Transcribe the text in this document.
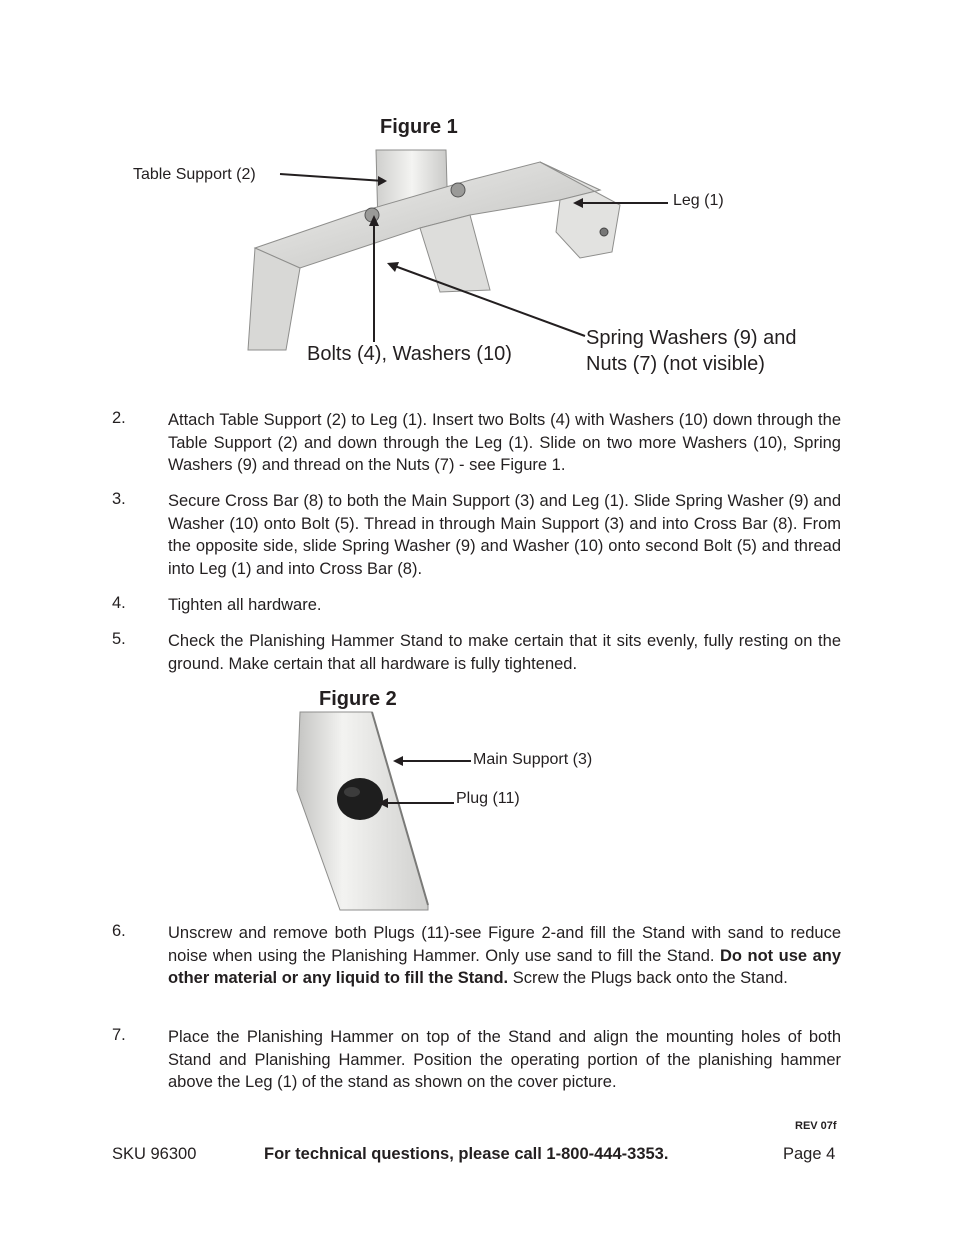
Figure 1
Table Support (2)
Leg (1)
Bolts (4), Washers (10)
Spring Washers (9) and
Nuts (7) (not visible)
2.	Attach Table Support (2) to Leg (1). Insert two Bolts (4) with Washers (10) down through the Table Support (2) and down through the Leg (1). Slide on two more Washers (10), Spring Washers (9) and thread on the Nuts (7) - see Figure 1.
3.	Secure Cross Bar (8) to both the Main Support (3) and Leg (1). Slide Spring Washer (9) and Washer (10) onto Bolt (5). Thread in through Main Support (3) and into Cross Bar (8). From the opposite side, slide Spring Washer (9) and Washer (10) onto second Bolt (5) and thread into Leg (1) and into Cross Bar (8).
4.	Tighten all hardware.
5.	Check the Planishing Hammer Stand to make certain that it sits evenly, fully resting on the ground. Make certain that all hardware is fully tightened.
Figure 2
Main Support (3)
Plug (11)
6.	Unscrew and remove both Plugs (11)-see Figure 2-and fill the Stand with sand to reduce noise when using the Planishing Hammer. Only use sand to fill the Stand. Do not use any other material or any liquid to fill the Stand. Screw the Plugs back onto the Stand.
7.	Place the Planishing Hammer on top of the Stand and align the mounting holes of both Stand and Planishing Hammer. Position the operating portion of the planishing hammer above the Leg (1) of the stand as shown on the cover picture.
REV 07f
SKU 96300	For technical questions, please call 1-800-444-3353.	Page 4
